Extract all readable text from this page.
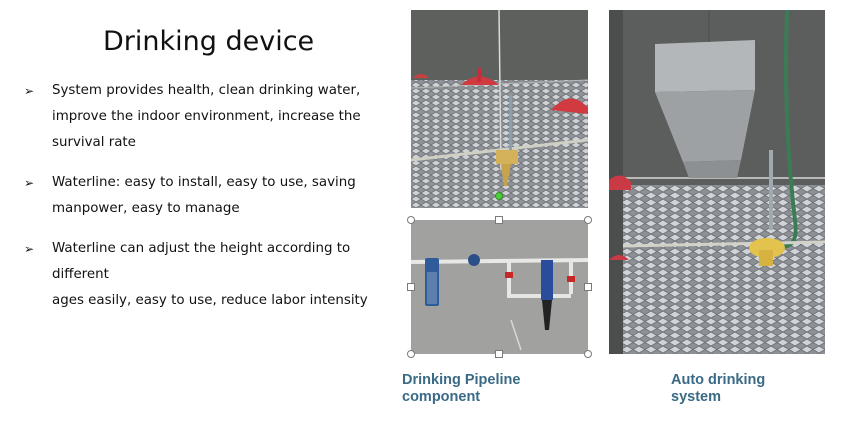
Drinking device
➢ System provides health, clean drinking water,
improve the indoor environment, increase the
survival rate
➢ Waterline: easy to install, easy to use, saving
manpower, easy to manage
➢ Waterline can adjust the height according to different
ages easily, easy to use, reduce labor intensity
Drinking Pipeline
component
Auto drinking
system
